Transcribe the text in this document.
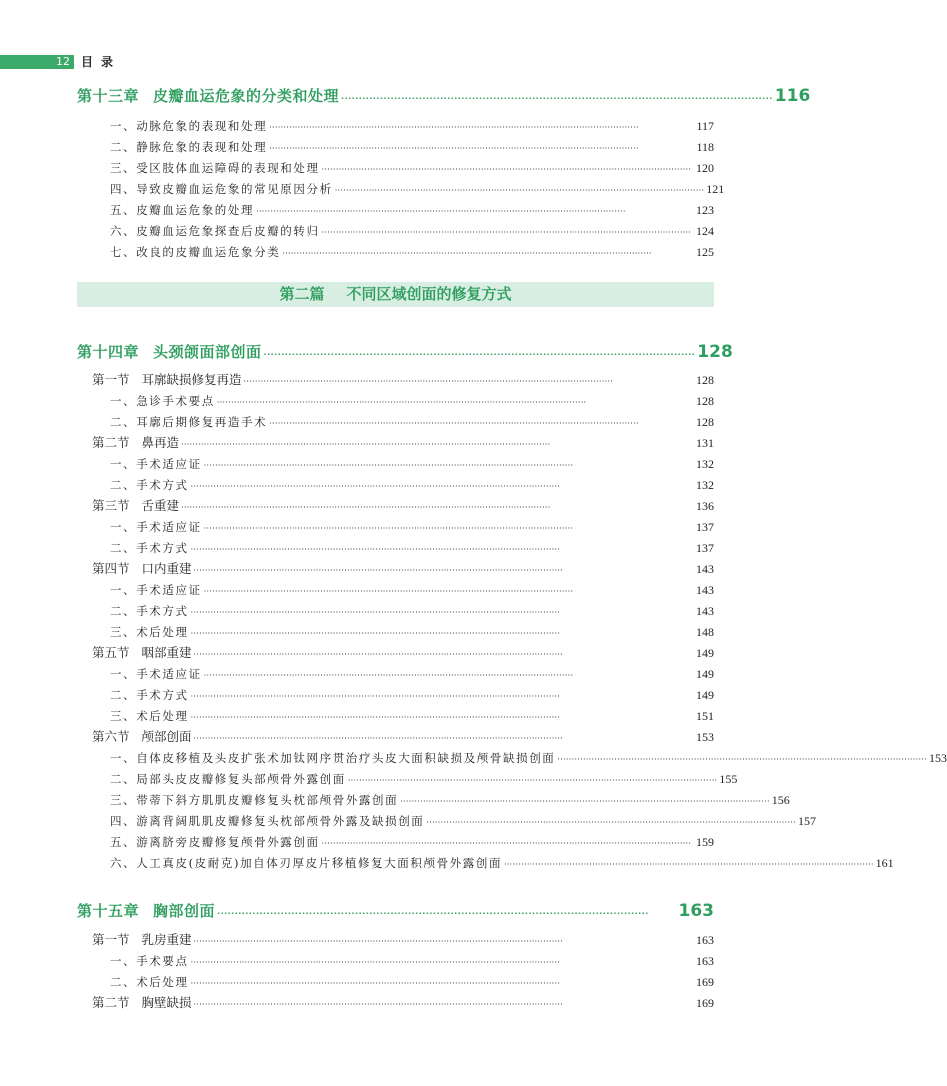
12 目录
第十三章 皮瓣血运危象的分类和处理 ·························································································································· 116
一、动脉危象的表现和处理 ··································································································································	117
二、静脉危象的表现和处理 ··································································································································	118
三、受区肢体血运障碍的表现和处理 ·································································································································· 120
四、导致皮瓣血运危象的常见原因分析 ·································································································································· 121
五、皮瓣血运危象的处理 ··································································································································	123
六、皮瓣血运危象探查后皮瓣的转归 ·································································································································· 124
七、改良的皮瓣血运危象分类 ··································································································································	125
第二篇 不同区域创面的修复方式
第十四章 头颈颌面部创面 ·························································································································· 128
第一节 耳廓缺损修复再造 ··································································································································	128
一、急诊手术要点 ··································································································································	128
二、耳廓后期修复再造手术 ··································································································································	128
第二节 鼻再造 ··································································································································	131
一、手术适应证 ··································································································································	132
二、手术方式 ··································································································································	132
第三节 舌重建 ··································································································································	136
一、手术适应证 ··································································································································	137
二、手术方式 ··································································································································	137
第四节 口内重建 ··································································································································	143
一、手术适应证 ··································································································································	143
二、手术方式 ··································································································································	143
三、术后处理 ··································································································································	148
第五节 咽部重建 ··································································································································	149
一、手术适应证 ··································································································································	149
二、手术方式 ··································································································································	149
三、术后处理 ··································································································································	151
第六节 颅部创面 ··································································································································	153
一、自体皮移植及头皮扩张术加钛网序贯治疗头皮大面积缺损及颅骨缺损创面 ·································································································································· 153
二、局部头皮皮瓣修复头部颅骨外露创面 ·································································································································· 155
三、带蒂下斜方肌肌皮瓣修复头枕部颅骨外露创面 ·································································································································· 156
四、游离背阔肌肌皮瓣修复头枕部颅骨外露及缺损创面 ·································································································································· 157
五、游离脐旁皮瓣修复颅骨外露创面 ·································································································································· 159
六、人工真皮(皮耐克)加自体刃厚皮片移植修复大面积颅骨外露创面 ·································································································································· 161
第十五章 胸部创面 ··························································································································	163
第一节 乳房重建 ··································································································································	163
一、手术要点 ··································································································································	163
二、术后处理 ··································································································································	169
第二节 胸壁缺损 ··································································································································	169
